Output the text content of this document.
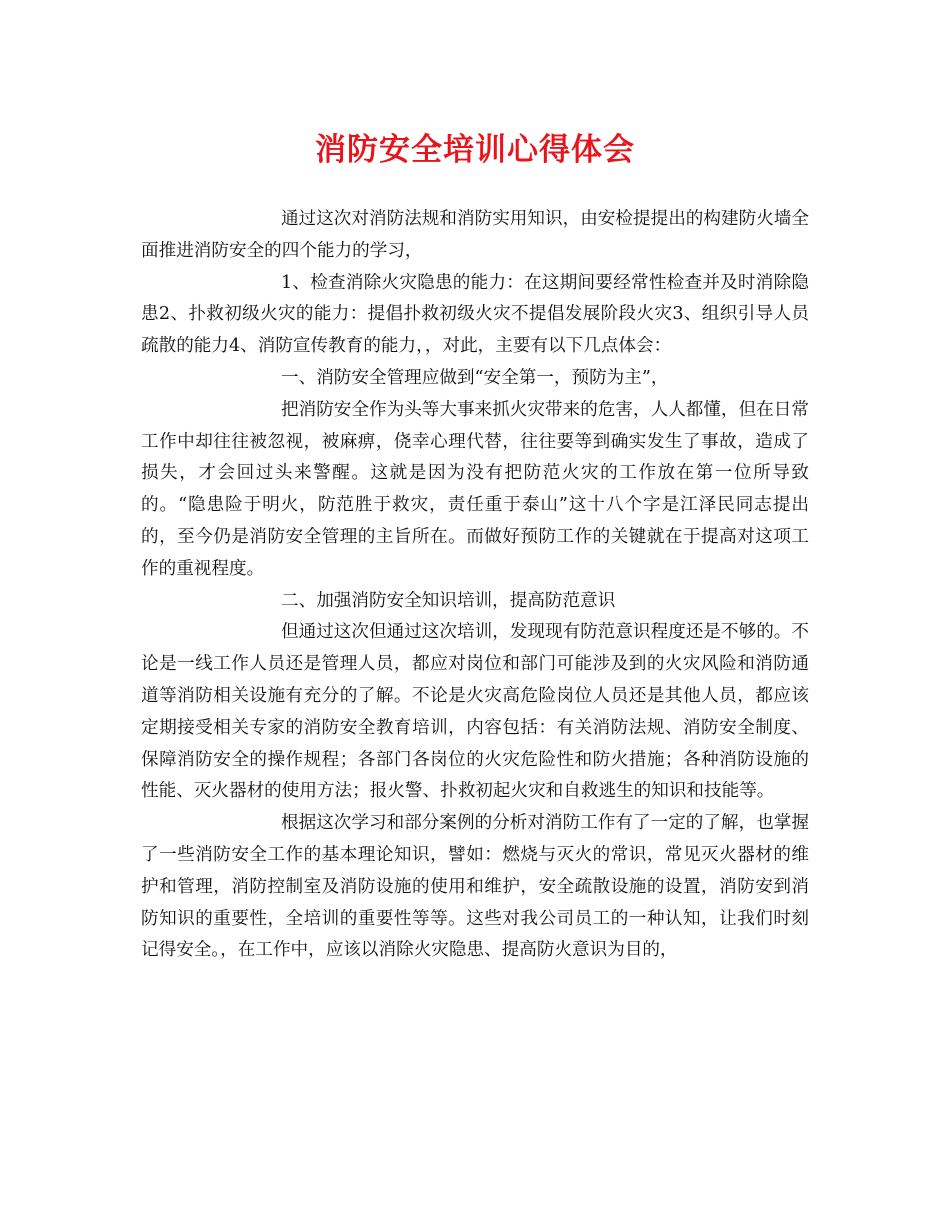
消防安全培训心得体会

通过这次对消防法规和消防实用知识，由安检提提出的构建防火墙全面推进消防安全的四个能力的学习，

1、检查消除火灾隐患的能力：在这期间要经常性检查并及时消除隐患2、扑救初级火灾的能力：提倡扑救初级火灾不提倡发展阶段火灾3、组织引导人员疏散的能力4、消防宣传教育的能力，，对此，主要有以下几点体会：

一、消防安全管理应做到“安全第一，预防为主”，

把消防安全作为头等大事来抓火灾带来的危害，人人都懂，但在日常工作中却往往被忽视，被麻痹，侥幸心理代替，往往要等到确实发生了事故，造成了损失，才会回过头来警醒。这就是因为没有把防范火灾的工作放在第一位所导致的。“隐患险于明火，防范胜于救灾，责任重于泰山”这十八个字是江泽民同志提出的，至今仍是消防安全管理的主旨所在。而做好预防工作的关键就在于提高对这项工作的重视程度。

二、加强消防安全知识培训，提高防范意识

但通过这次但通过这次培训，发现现有防范意识程度还是不够的。不论是一线工作人员还是管理人员，都应对岗位和部门可能涉及到的火灾风险和消防通道等消防相关设施有充分的了解。不论是火灾高危险岗位人员还是其他人员，都应该定期接受相关专家的消防安全教育培训，内容包括：有关消防法规、消防安全制度、保障消防安全的操作规程；各部门各岗位的火灾危险性和防火措施；各种消防设施的性能、灭火器材的使用方法；报火警、扑救初起火灾和自救逃生的知识和技能等。

根据这次学习和部分案例的分析对消防工作有了一定的了解，也掌握了一些消防安全工作的基本理论知识，譬如：燃烧与灭火的常识，常见灭火器材的维护和管理，消防控制室及消防设施的使用和维护，安全疏散设施的设置，消防安到消防知识的重要性，全培训的重要性等等。这些对我公司员工的一种认知，让我们时刻记得安全。，在工作中，应该以消除火灾隐患、提高防火意识为目的，
